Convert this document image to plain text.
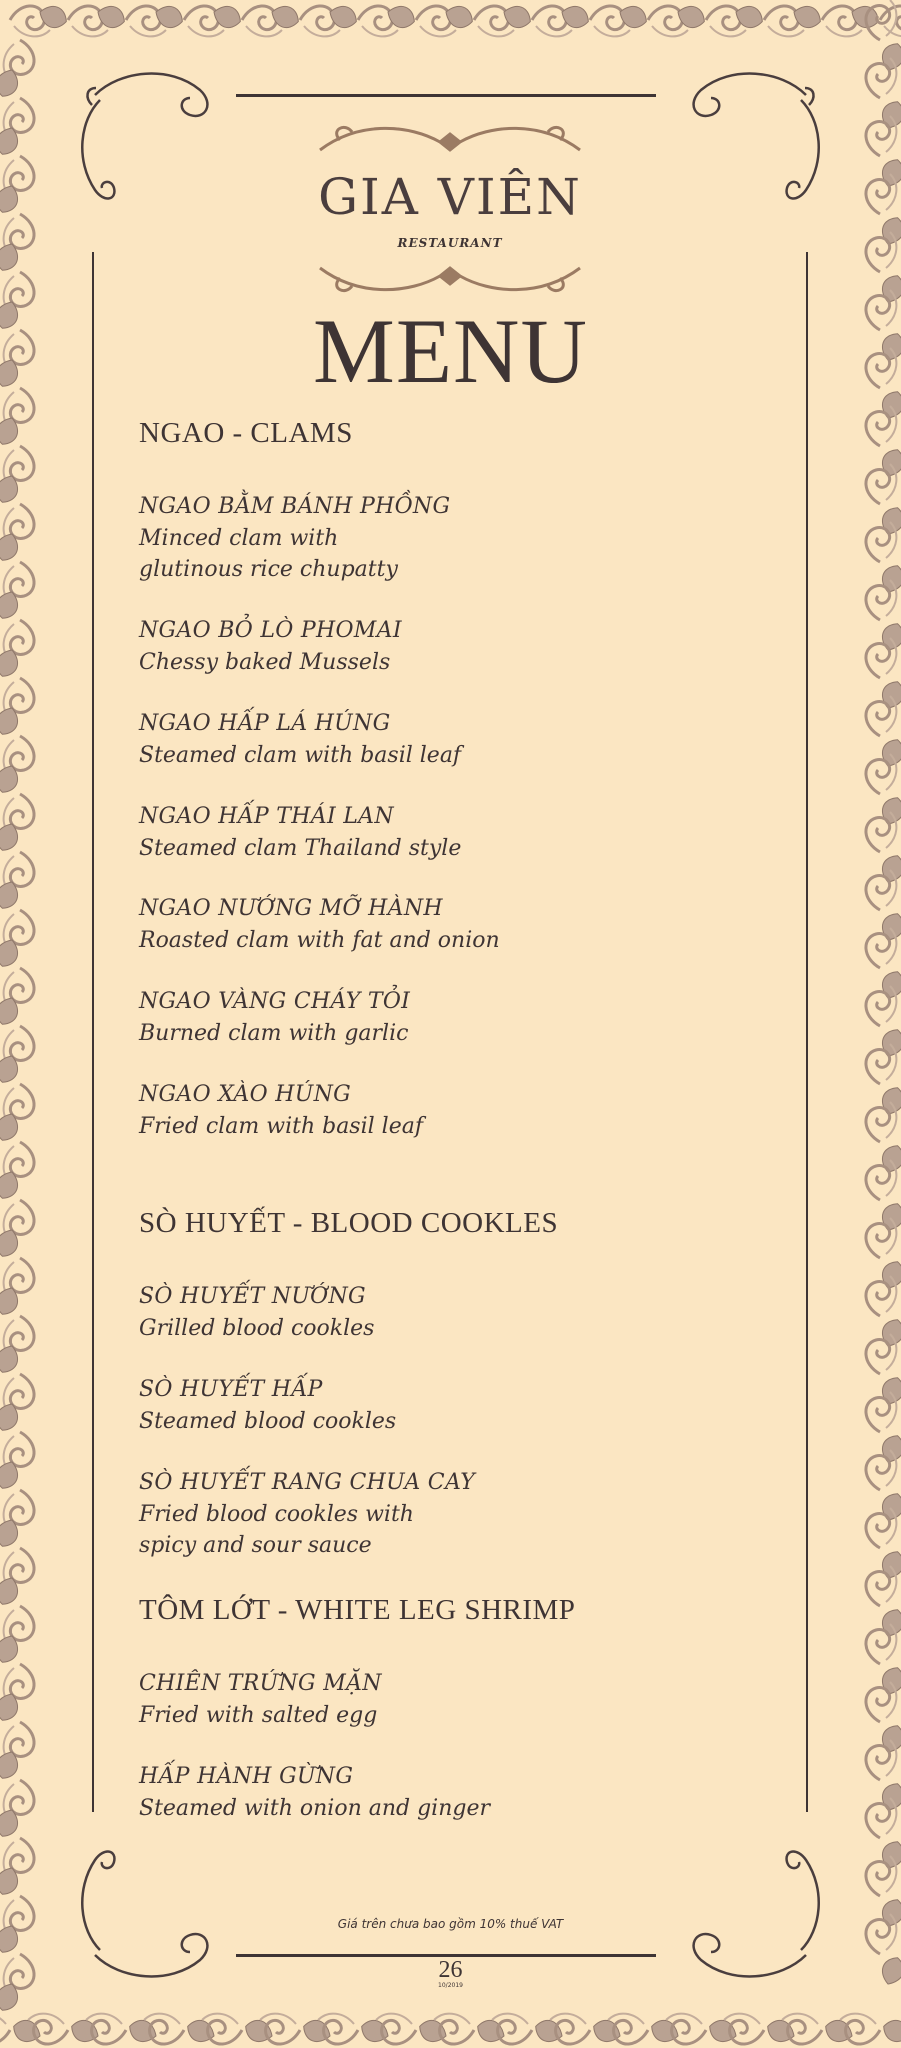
GIA VIÊN
RESTAURANT
MENU
NGAO - CLAMS
NGAO BẰM BÁNH PHỒNG
Minced clam with
glutinous rice chupatty
NGAO BỎ LÒ PHOMAI
Chessy baked Mussels
NGAO HẤP LÁ HÚNG
Steamed clam with basil leaf
NGAO HẤP THÁI LAN
Steamed clam Thailand style
NGAO NƯỚNG MỠ HÀNH
Roasted clam with fat and onion
NGAO VÀNG CHÁY TỎI
Burned clam with garlic
NGAO XÀO HÚNG
Fried clam with basil leaf
SÒ HUYẾT - BLOOD COOKLES
SÒ HUYẾT NƯỚNG
Grilled blood cookles
SÒ HUYẾT HẤP
Steamed blood cookles
SÒ HUYẾT RANG CHUA CAY
Fried blood cookles with
spicy and sour sauce
TÔM LỚT - WHITE LEG SHRIMP
CHIÊN TRỨNG MẶN
Fried with salted egg
HẤP HÀNH GỪNG
Steamed with onion and ginger
Giá trên chưa bao gồm 10% thuế VAT
26
10/2019
